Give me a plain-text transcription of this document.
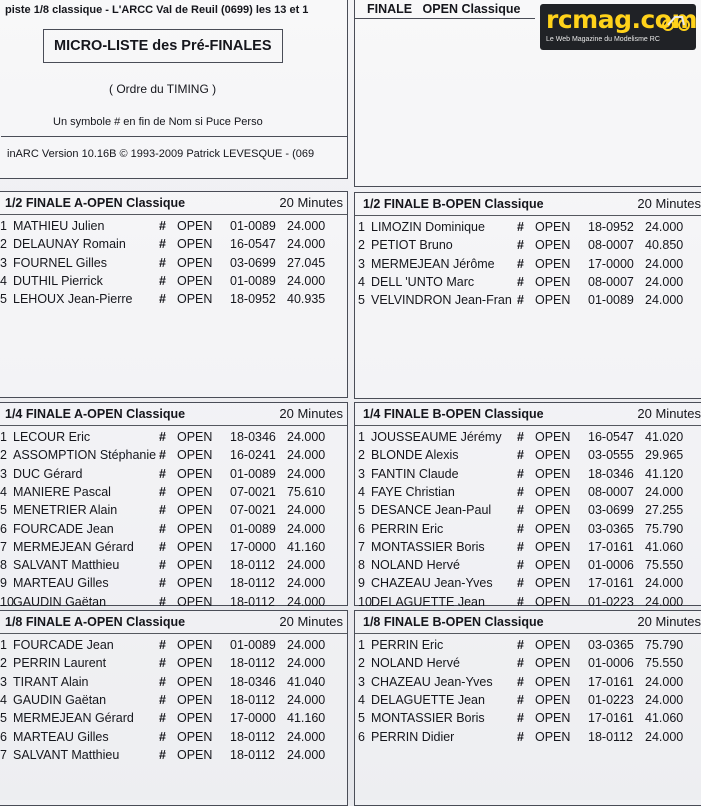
piste 1/8 classique - L'ARCC Val de Reuil (0699) les 13 et 1
MICRO-LISTE des Pré-FINALES
( Ordre du TIMING )
Un symbole # en fin de Nom si Puce Perso
inARC Version 10.16B © 1993-2009 Patrick LEVESQUE - (069
FINALE   OPEN Classique rcmag.com
Le Web Magazine du Modelisme RC
1/2 FINALE A-OPEN Classique	20 Minutes
1 MATHIEU Julien	# OPEN 01-0089 24.000
2 DELAUNAY Romain	# OPEN 16-0547 24.000
3 FOURNEL Gilles	# OPEN 03-0699 27.045
4 DUTHIL Pierrick	# OPEN 01-0089 24.000
5 LEHOUX Jean-Pierre # OPEN 18-0952 40.935
1/2 FINALE B-OPEN Classique	20 Minutes
1 LIMOZIN Dominique	# OPEN 18-0952 24.000
2 PETIOT Bruno	# OPEN 08-0007 40.850
3 MERMEJEAN Jérôme # OPEN 17-0000 24.000
4 DELL 'UNTO Marc	# OPEN 08-0007 24.000
5 VELVINDRON Jean-Fran # OPEN 01-0089 24.000
1/4 FINALE A-OPEN Classique	20 Minutes
1 LECOUR Eric	# OPEN 18-0346 24.000
2 ASSOMPTION Stéphanie # OPEN 16-0241 24.000
3 DUC Gérard	# OPEN 01-0089 24.000
4 MANIERE Pascal	# OPEN 07-0021 75.610
5 MENETRIER Alain	# OPEN 07-0021 24.000
6 FOURCADE Jean	# OPEN 01-0089 24.000
7 MERMEJEAN Gérard # OPEN 17-0000 41.160
8 SALVANT Matthieu	# OPEN 18-0112 24.000
9 MARTEAU Gilles	# OPEN 18-0112 24.000
10 GAUDIN Gaëtan	# OPEN 18-0112 24.000
1/4 FINALE B-OPEN Classique	20 Minutes
1 JOUSSEAUME Jérémy # OPEN 16-0547 41.020
2 BLONDE Alexis	# OPEN 03-0555 29.965
3 FANTIN Claude	# OPEN 18-0346 41.120
4 FAYE Christian	# OPEN 08-0007 24.000
5 DESANCE Jean-Paul # OPEN 03-0699 27.255
6 PERRIN Eric	# OPEN 03-0365 75.790
7 MONTASSIER Boris	# OPEN 17-0161 41.060
8 NOLAND Hervé	# OPEN 01-0006 75.550
9 CHAZEAU Jean-Yves # OPEN 17-0161 24.000
10 DELAGUETTE Jean	# OPEN 01-0223 24.000
1/8 FINALE A-OPEN Classique	20 Minutes
1 FOURCADE Jean	# OPEN 01-0089 24.000
2 PERRIN Laurent	# OPEN 18-0112 24.000
3 TIRANT Alain	# OPEN 18-0346 41.040
4 GAUDIN Gaëtan	# OPEN 18-0112 24.000
5 MERMEJEAN Gérard # OPEN 17-0000 41.160
6 MARTEAU Gilles	# OPEN 18-0112 24.000
7 SALVANT Matthieu	# OPEN 18-0112 24.000
1/8 FINALE B-OPEN Classique	20 Minutes
1 PERRIN Eric	# OPEN 03-0365 75.790
2 NOLAND Hervé	# OPEN 01-0006 75.550
3 CHAZEAU Jean-Yves # OPEN 17-0161 24.000
4 DELAGUETTE Jean	# OPEN 01-0223 24.000
5 MONTASSIER Boris	# OPEN 17-0161 41.060
6 PERRIN Didier	# OPEN 18-0112 24.000
